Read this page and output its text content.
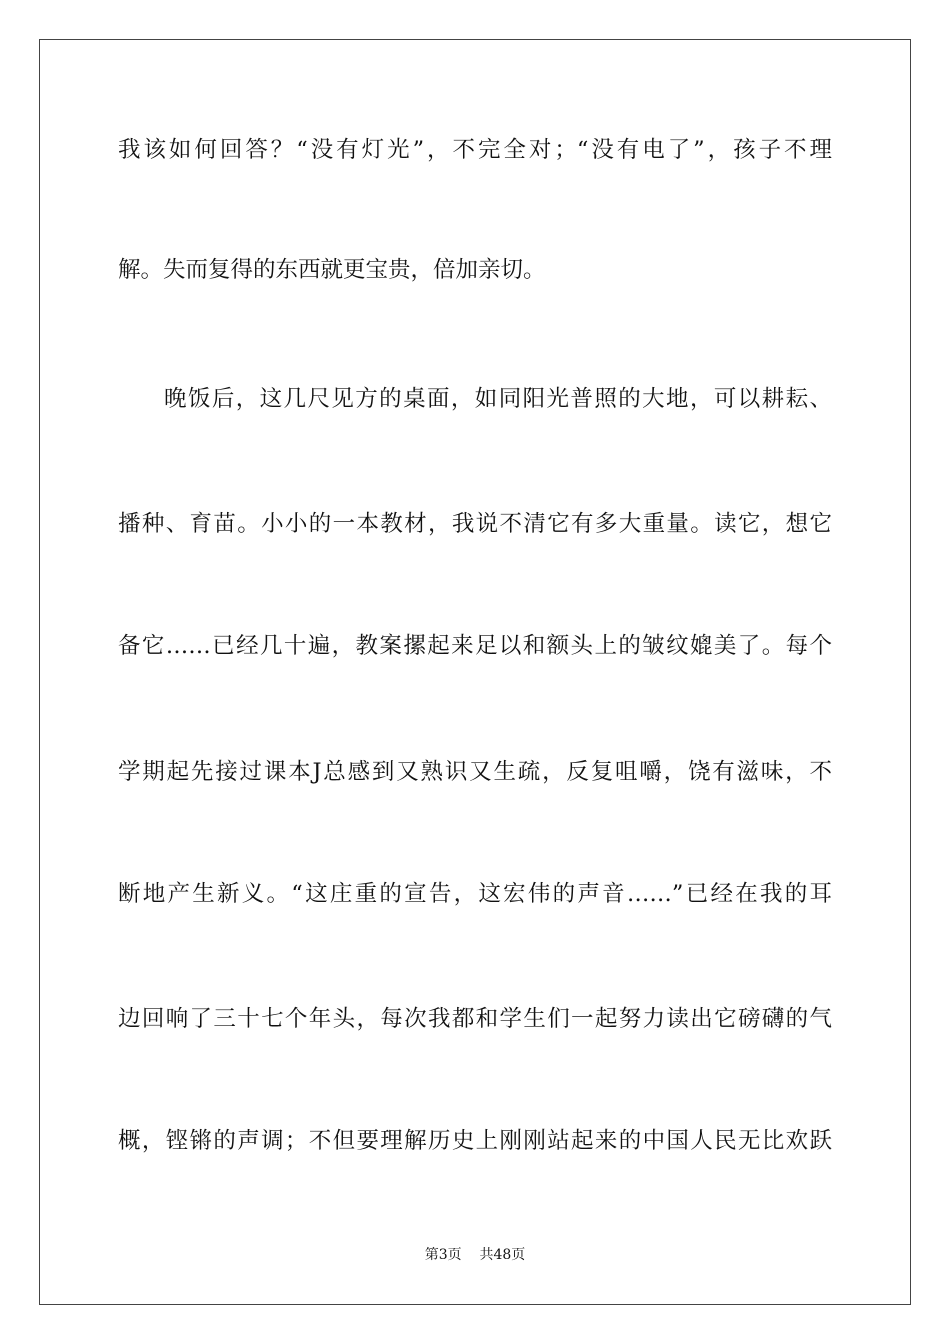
我该如何回答？“没有灯光”，不完全对；“没有电了”，孩子不理
解。失而复得的东西就更宝贵，倍加亲切。
晚饭后，这几尺见方的桌面，如同阳光普照的大地，可以耕耘、
播种、育苗。小小的一本教材，我说不清它有多大重量。读它，想它
备它……已经几十遍，教案摞起来足以和额头上的皱纹媲美了。每个
学期起先接过课本J总感到又熟识又生疏，反复咀嚼，饶有滋味，不
断地产生新义。“这庄重的宣告，这宏伟的声音……”已经在我的耳
边回响了三十七个年头，每次我都和学生们一起努力读出它磅礴的气
概，铿锵的声调；不但要理解历史上刚刚站起来的中国人民无比欢跃
第3页 共48页
